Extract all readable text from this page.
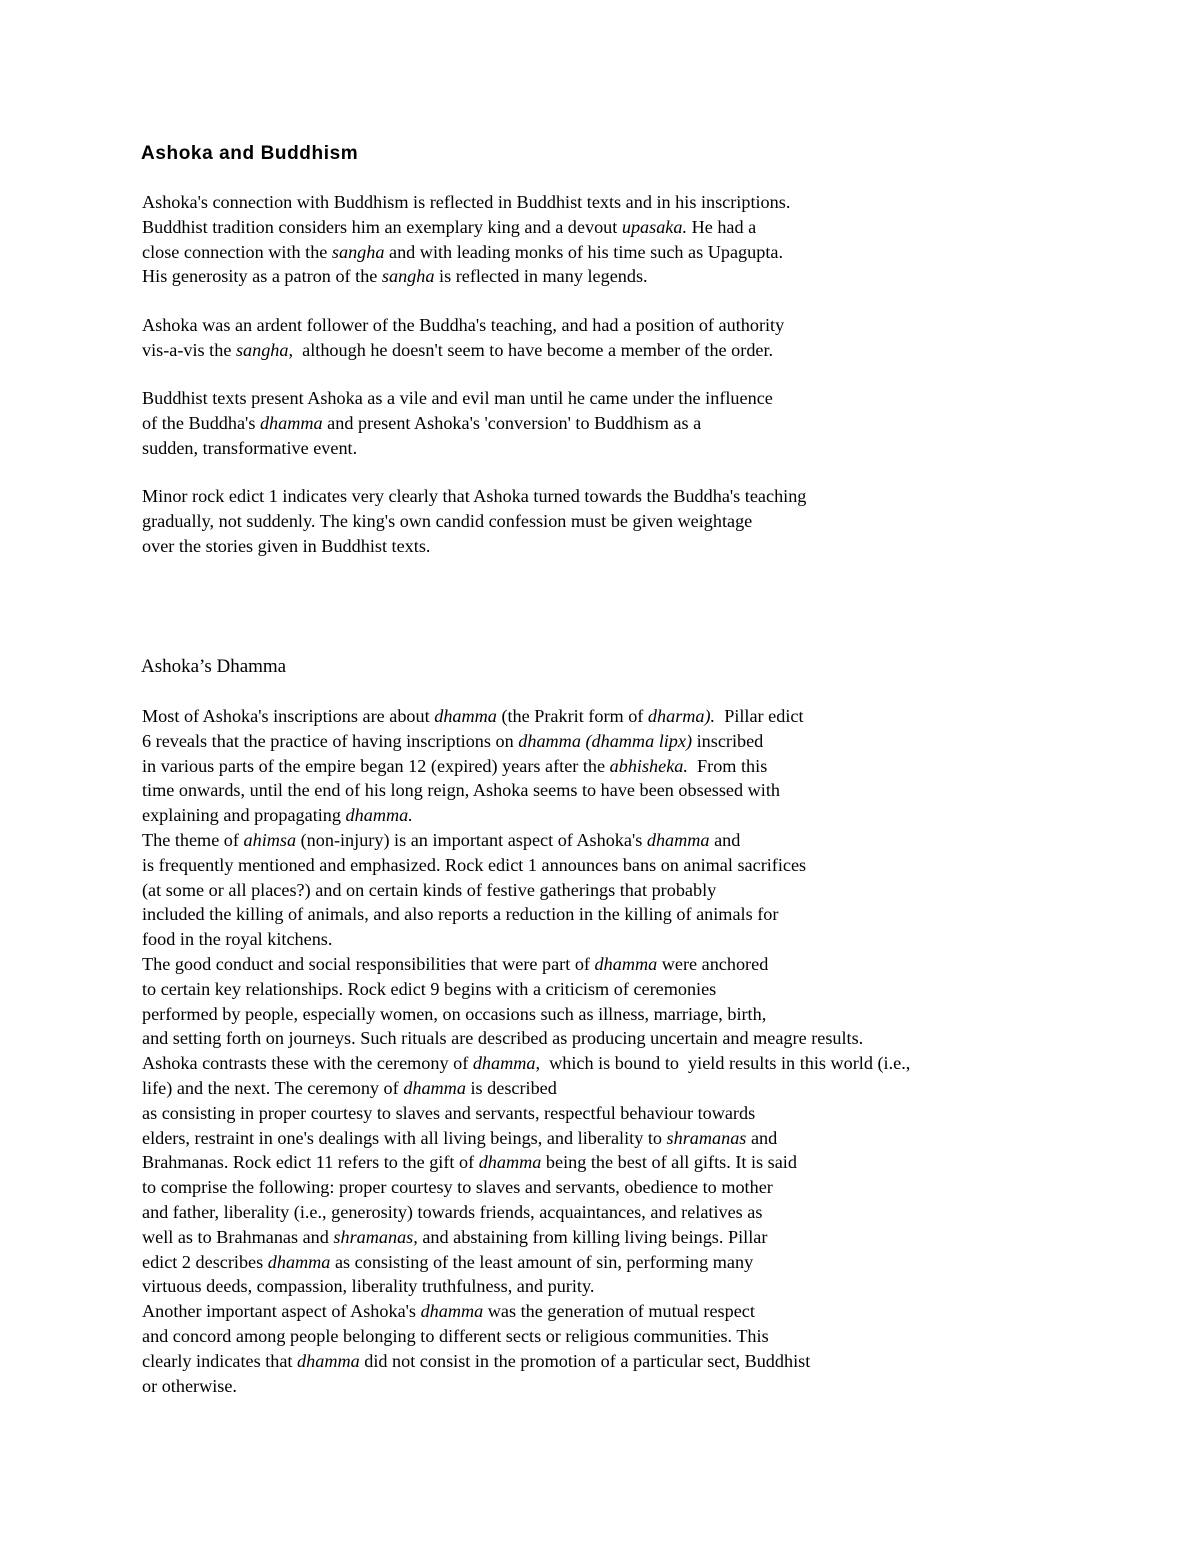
Ashoka and Buddhism
Ashoka's connection with Buddhism is reflected in Buddhist texts and in his inscriptions.
Buddhist tradition considers him an exemplary king and a devout upasaka. He had a
close connection with the sangha and with leading monks of his time such as Upagupta.
His generosity as a patron of the sangha is reflected in many legends.
Ashoka was an ardent follower of the Buddha's teaching, and had a position of authority
vis-a-vis the sangha,  although he doesn't seem to have become a member of the order.
Buddhist texts present Ashoka as a vile and evil man until he came under the influence
of the Buddha's dhamma and present Ashoka's 'conversion' to Buddhism as a
sudden, transformative event.
Minor rock edict 1 indicates very clearly that Ashoka turned towards the Buddha's teaching
gradually, not suddenly. The king's own candid confession must be given weightage
over the stories given in Buddhist texts.
Ashoka’s Dhamma
Most of Ashoka's inscriptions are about dhamma (the Prakrit form of dharma).  Pillar edict
6 reveals that the practice of having inscriptions on dhamma (dhamma lipx) inscribed
in various parts of the empire began 12 (expired) years after the abhisheka.  From this
time onwards, until the end of his long reign, Ashoka seems to have been obsessed with
explaining and propagating dhamma.
The theme of ahimsa (non-injury) is an important aspect of Ashoka's dhamma and
is frequently mentioned and emphasized. Rock edict 1 announces bans on animal sacrifices
(at some or all places?) and on certain kinds of festive gatherings that probably
included the killing of animals, and also reports a reduction in the killing of animals for
food in the royal kitchens.
The good conduct and social responsibilities that were part of dhamma were anchored
to certain key relationships. Rock edict 9 begins with a criticism of ceremonies
performed by people, especially women, on occasions such as illness, marriage, birth,
and setting forth on journeys. Such rituals are described as producing uncertain and meagre results.
Ashoka contrasts these with the ceremony of dhamma,  which is bound to  yield results in this world (i.e.,
life) and the next. The ceremony of dhamma is described
as consisting in proper courtesy to slaves and servants, respectful behaviour towards
elders, restraint in one's dealings with all living beings, and liberality to shramanas and
Brahmanas. Rock edict 11 refers to the gift of dhamma being the best of all gifts. It is said
to comprise the following: proper courtesy to slaves and servants, obedience to mother
and father, liberality (i.e., generosity) towards friends, acquaintances, and relatives as
well as to Brahmanas and shramanas, and abstaining from killing living beings. Pillar
edict 2 describes dhamma as consisting of the least amount of sin, performing many
virtuous deeds, compassion, liberality truthfulness, and purity.
Another important aspect of Ashoka's dhamma was the generation of mutual respect
and concord among people belonging to different sects or religious communities. This
clearly indicates that dhamma did not consist in the promotion of a particular sect, Buddhist
or otherwise.
